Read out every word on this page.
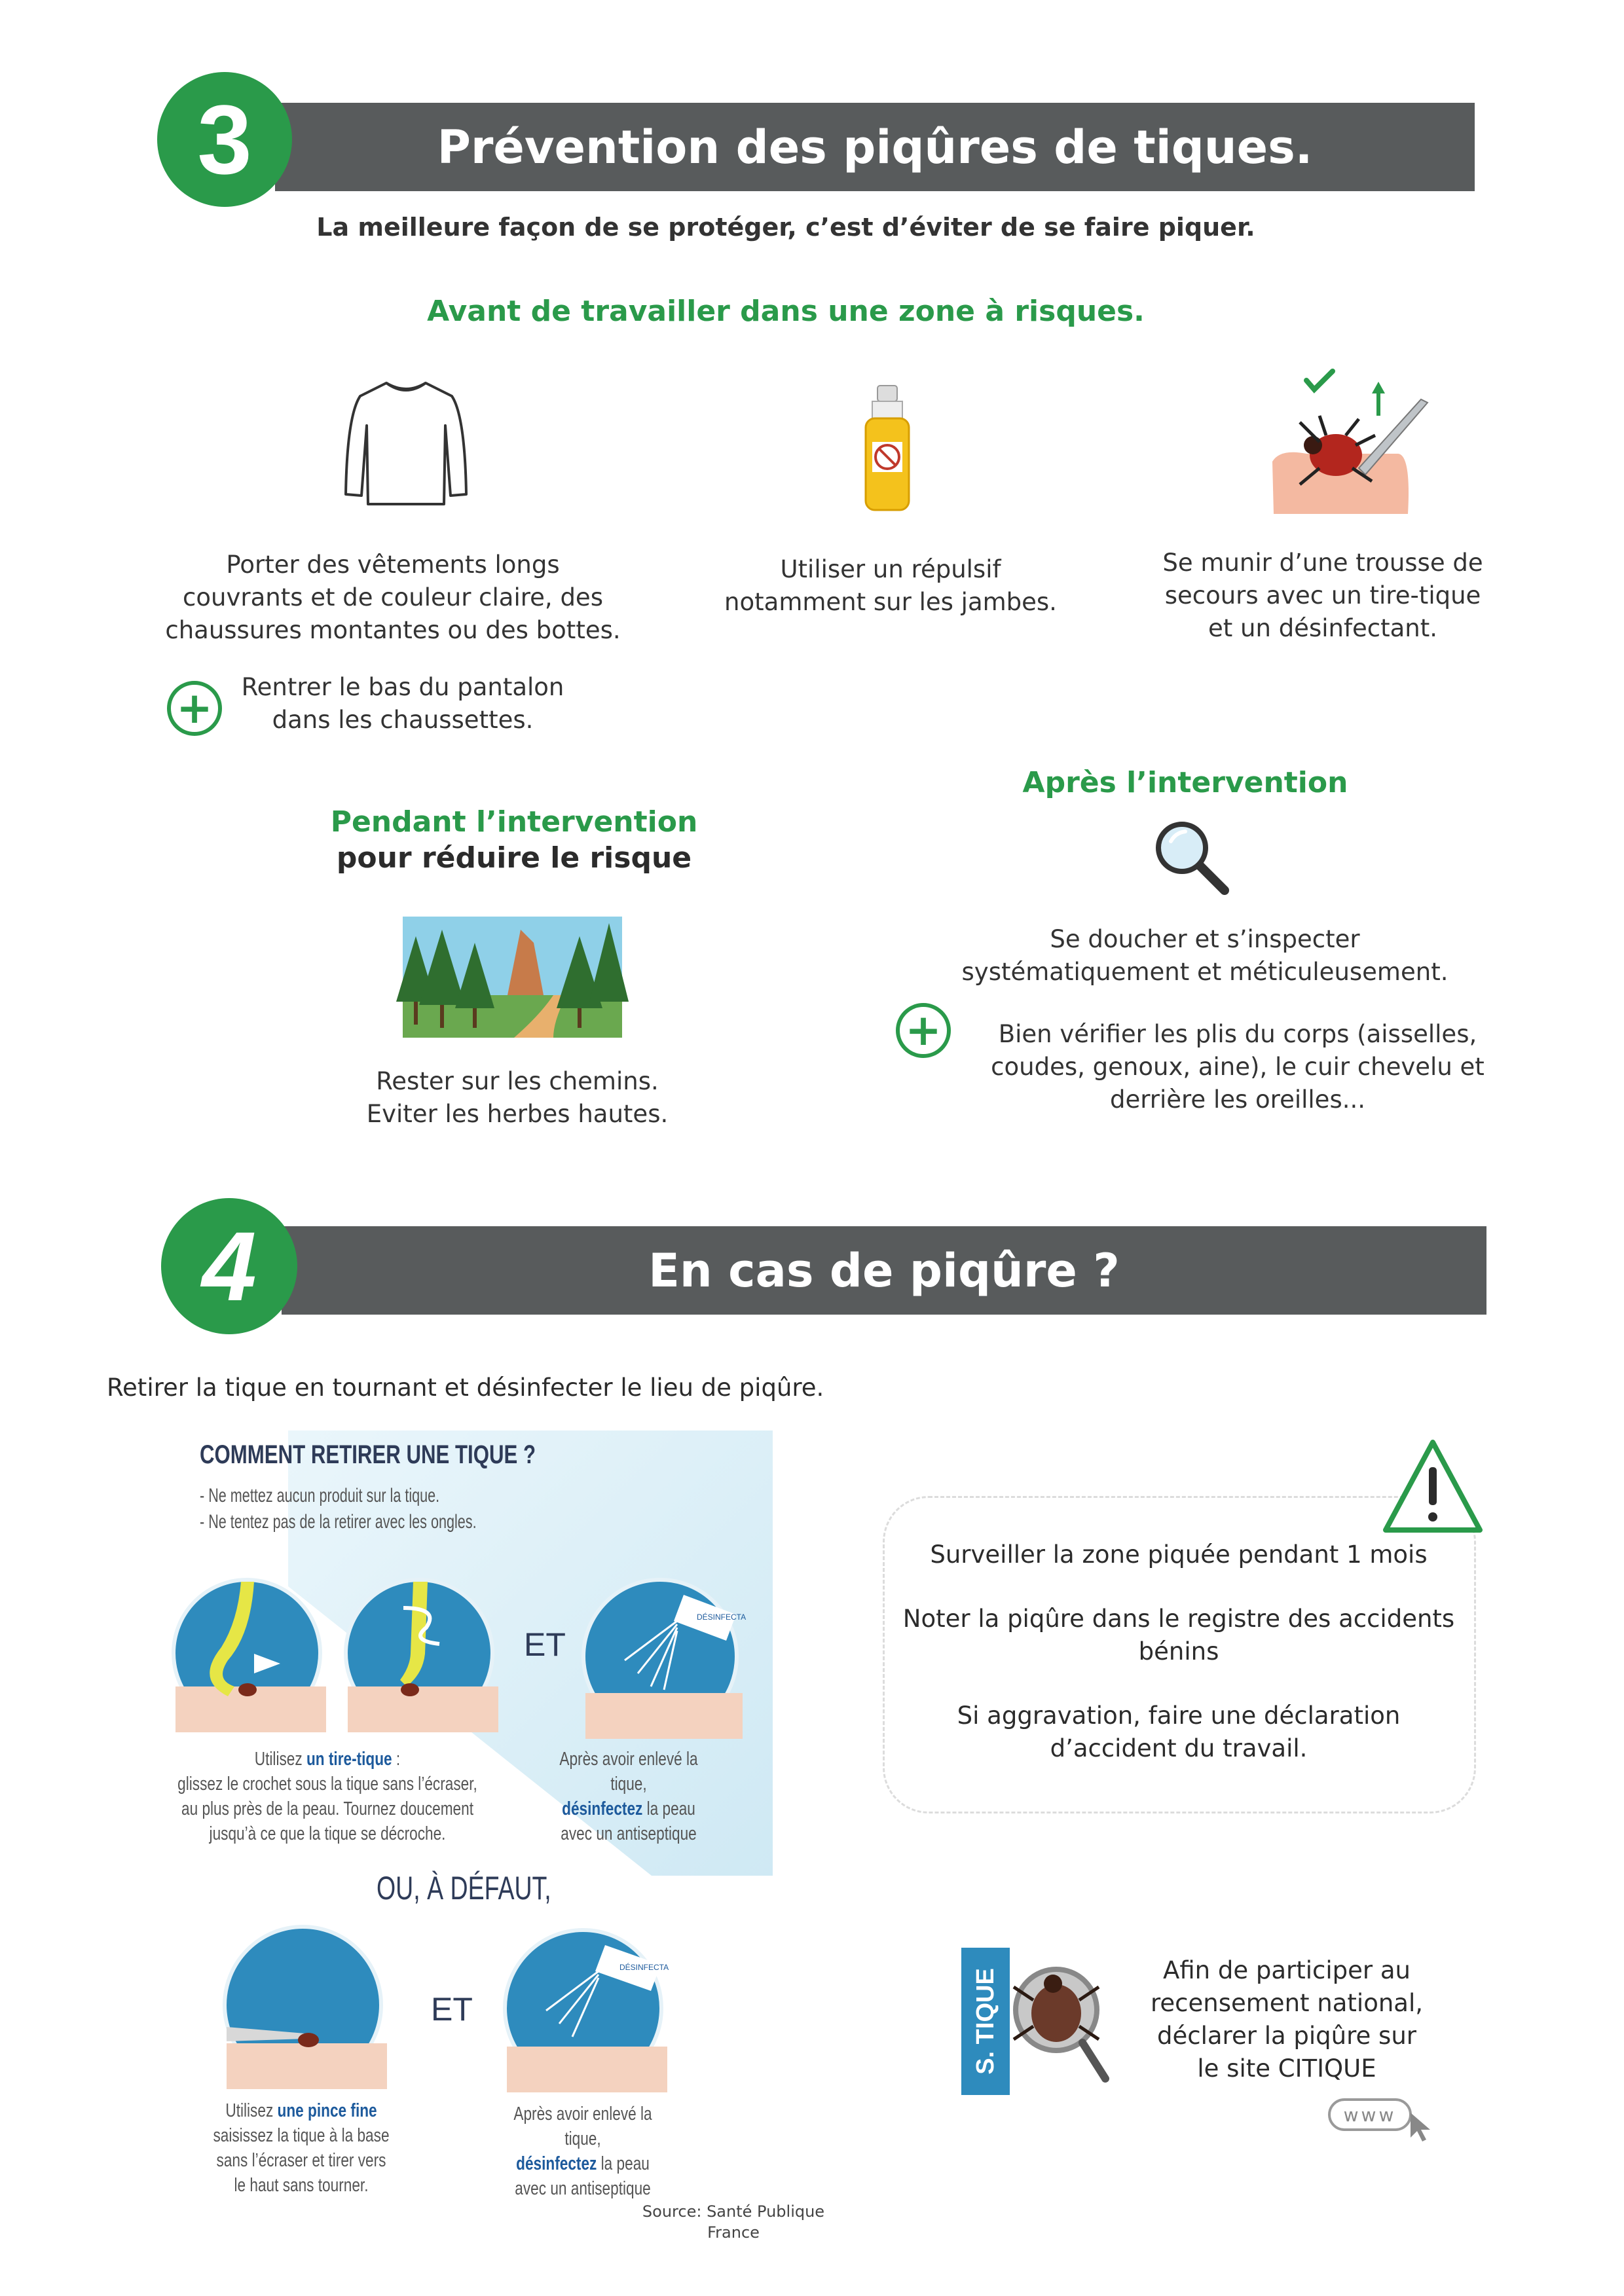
Prévention des piqûres de tiques.
3
La meilleure façon de se protéger, c’est d’éviter de se faire piquer.
Avant de travailler dans une zone à risques.
Porter des vêtements longs
couvrants et de couleur claire, des
chaussures montantes ou des bottes.
Utiliser un répulsif
notamment sur les jambes.
Se munir d’une trousse de
secours avec un tire-tique
et un désinfectant.
+	Rentrer le bas du pantalon
dans les chaussettes.
Pendant l’intervention
pour réduire le risque
Rester sur les chemins.
Eviter les herbes hautes.
Après l’intervention
Se doucher et s’inspecter
systématiquement et méticuleusement.
+	Bien vérifier les plis du corps (aisselles,
coudes, genoux, aine), le cuir chevelu et
derrière les oreilles...
En cas de piqûre ?
4
Retirer la tique en tournant et désinfecter le lieu de piqûre.
COMMENT RETIRER UNE TIQUE ?
- Ne mettez aucun produit sur la tique.
- Ne tentez pas de la retirer avec les ongles.
ET
DÉSINFECTA
Utilisez un tire-tique :
glissez le crochet sous la tique sans l’écraser,
au plus près de la peau. Tournez doucement
jusqu’à ce que la tique se décroche.
Après avoir enlevé la tique,
désinfectez la peau
avec un antiseptique
OU, À DÉFAUT,
ET
DÉSINFECTA
Utilisez une pince fine
saisissez la tique à la base
sans l’écraser et tirer vers
le haut sans tourner.
Après avoir enlevé la tique,
désinfectez la peau
avec un antiseptique
Source: Santé Publique
France
Surveiller la zone piquée pendant 1 mois
Noter la piqûre dans le registre des accidents
bénins
Si aggravation, faire une déclaration
d’accident du travail.
S. TIQUE	Afin de participer au
recensement national,
déclarer la piqûre sur
le site CITIQUE
www
